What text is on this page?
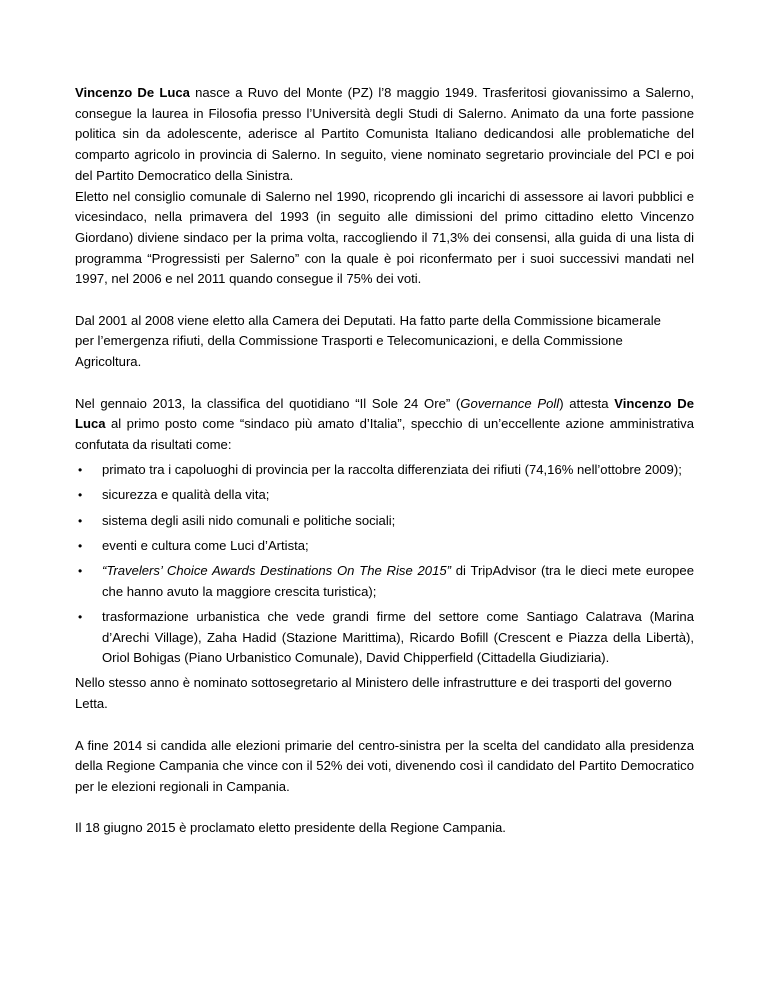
Vincenzo De Luca nasce a Ruvo del Monte (PZ) l’8 maggio 1949. Trasferitosi giovanissimo a Salerno, consegue la laurea in Filosofia presso l’Università degli Studi di Salerno. Animato da una forte passione politica sin da adolescente, aderisce al Partito Comunista Italiano dedicandosi alle problematiche del comparto agricolo in provincia di Salerno. In seguito, viene nominato segretario provinciale del PCI e poi del Partito Democratico della Sinistra.

Eletto nel consiglio comunale di Salerno nel 1990, ricoprendo gli incarichi di assessore ai lavori pubblici e vicesindaco, nella primavera del 1993 (in seguito alle dimissioni del primo cittadino eletto Vincenzo Giordano) diviene sindaco per la prima volta, raccogliendo il 71,3% dei consensi, alla guida di una lista di programma “Progressisti per Salerno” con la quale è poi riconfermato per i suoi successivi mandati nel 1997, nel 2006 e nel 2011 quando consegue il 75% dei voti.

Dal 2001 al 2008 viene eletto alla Camera dei Deputati. Ha fatto parte della Commissione bicamerale
per l’emergenza rifiuti, della Commissione Trasporti e Telecomunicazioni, e della Commissione
Agricoltura.

Nel gennaio 2013, la classifica del quotidiano “Il Sole 24 Ore” (Governance Poll) attesta Vincenzo De Luca al primo posto come “sindaco più amato d’Italia”, specchio di un’eccellente azione amministrativa confutata da risultati come:

• primato tra i capoluoghi di provincia per la raccolta differenziata dei rifiuti (74,16% nell’ottobre 2009);
• sicurezza e qualità della vita;
• sistema degli asili nido comunali e politiche sociali;
• eventi e cultura come Luci d’Artista;
• “Travelers’ Choice Awards Destinations On The Rise 2015” di TripAdvisor (tra le dieci mete europee che hanno avuto la maggiore crescita turistica);
• trasformazione urbanistica che vede grandi firme del settore come Santiago Calatrava (Marina d’Arechi Village), Zaha Hadid (Stazione Marittima), Ricardo Bofill (Crescent e Piazza della Libertà), Oriol Bohigas (Piano Urbanistico Comunale), David Chipperfield (Cittadella Giudiziaria).

Nello stesso anno è nominato sottosegretario al Ministero delle infrastrutture e dei trasporti del governo Letta.

A fine 2014 si candida alle elezioni primarie del centro-sinistra per la scelta del candidato alla presidenza della Regione Campania che vince con il 52% dei voti, divenendo così il candidato del Partito Democratico per le elezioni regionali in Campania.

Il 18 giugno 2015 è proclamato eletto presidente della Regione Campania.
